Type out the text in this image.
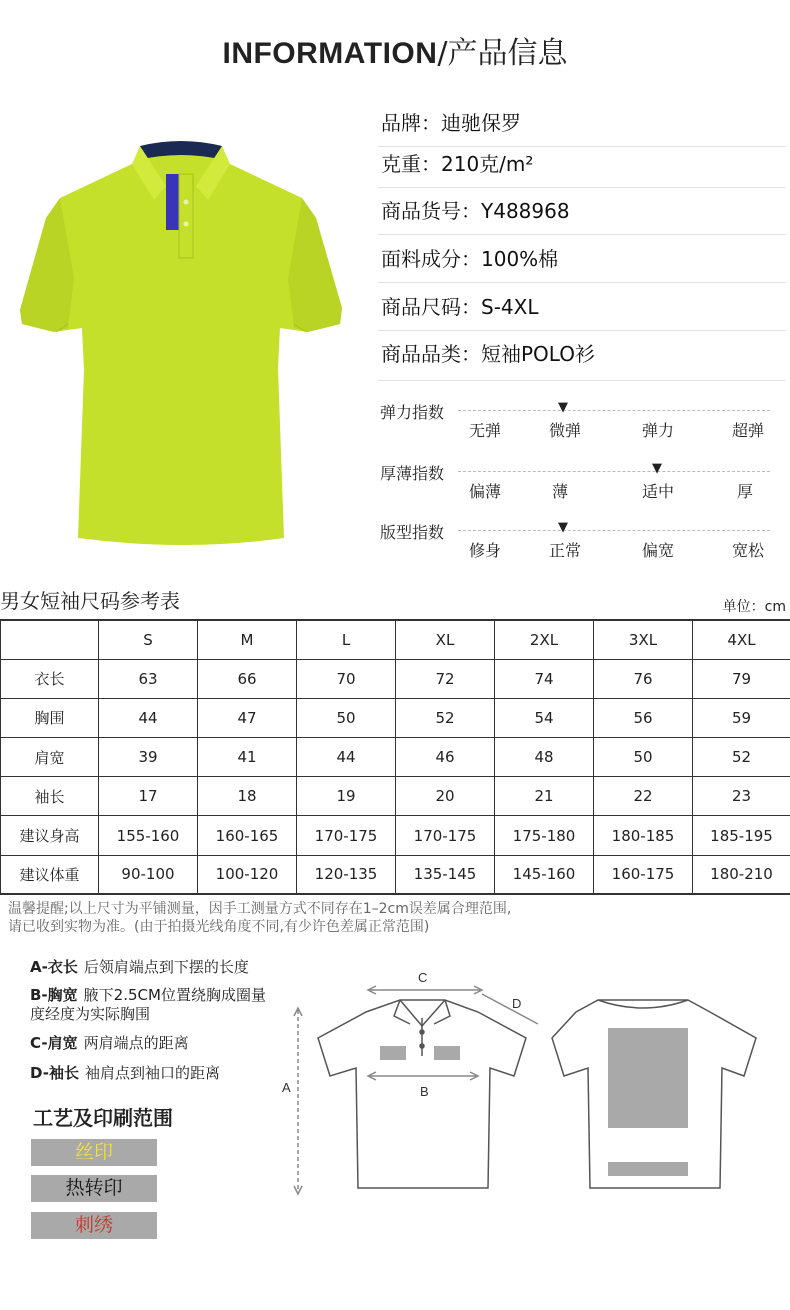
INFORMATION/产品信息
品牌：迪驰保罗
克重：210克/m²
商品货号：Y488968
面料成分：100%棉
商品尺码：S-4XL
商品品类：短袖POLO衫
弹力指数	▼
无弹	微弹	弹力	超弹
厚薄指数	▼
偏薄	薄	适中	厚
版型指数	▼
修身	正常	偏宽	宽松
男女短袖尺码参考表	单位：cm
	S	M	L	XL	2XL	3XL	4XL
衣长	63	66	70	72	74	76	79
胸围	44	47	50	52	54	56	59
肩宽	39	41	44	46	48	50	52
袖长	17	18	19	20	21	22	23
建议身高	155-160	160-165	170-175	170-175	175-180	180-185	185-195
建议体重	90-100	100-120	120-135	135-145	145-160	160-175	180-210
温馨提醒;以上尺寸为平铺测量，因手工测量方式不同存在1–2cm误差属合理范围,
请已收到实物为准。(由于拍摄光线角度不同,有少许色差属正常范围)
A-衣长 后领肩端点到下摆的长度
B-胸宽 腋下2.5CM位置绕胸成圈量度经度为实际胸围
C-肩宽 两肩端点的距离
D-袖长 袖肩点到袖口的距离
工艺及印刷范围
丝印
热转印
刺绣
A
C
D
B
